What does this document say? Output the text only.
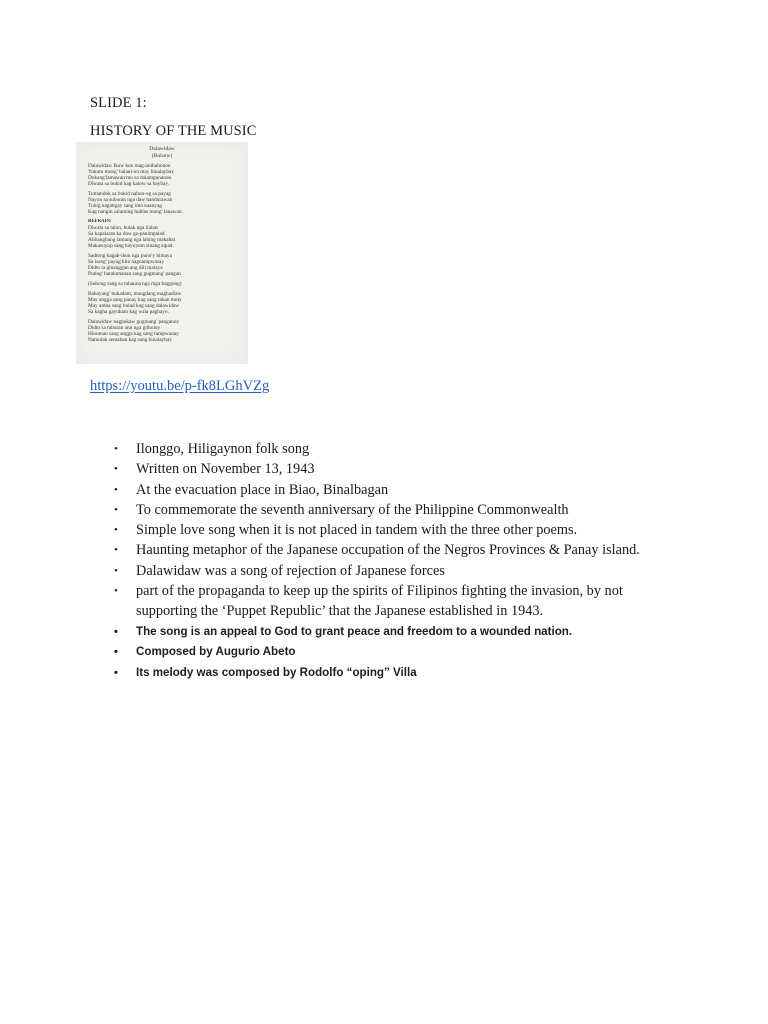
SLIDE 1:
HISTORY OF THE MUSIC
Dalawidaw
(Bulsew)
Dalawidaw Ikaw kon mag-anihuhonon
Yukum mong' balani-on may binalaybay
Dukang'lamawan mo sa dalamgunanon
Diwata sa bukid kag katow sa baybay.
Tumandok sa bukid nahon-og sa payag
Nayon sa suburan nga daw handurawan
Tuhig nagatigay sang imo kaanyag
Kag nangin salaming hublas mong' lanawan.
REFRAIN:
Diwata sa talon, bulak nga ilahas
Sa kapalaran ka daw ga-panimpalad
Alibangbang lamang nga lahing makabat
Makasuyop sang kayuyum sinang sipad.
Sadtong kagab-ihon nga puno'y himaya
Sa isang' payag kita nagnampwasay
Didto ta ginanggan ang dili malaya
Puting' handumanan sang gugmang' pangan
(Subong sang sa tuhauna nga mga baggong)
Bahayang' bukadam, maugdang maghadlaw
May angga sang panay kag sang tahan muty
May amba sang bulad kag sang dalawidaw
Sa kagha gayuham kag wala paghayo.
Dalawidaw nagpukaw gugmang' panganoy
Didto sa tuburan ann nga githuluy
Hinuman sang angga kag sang tumpwanay
Namulak sentahan kag sang binalaybay
https://youtu.be/p-fk8LGhVZg
• Ilonggo, Hiligaynon folk song
• Written on November 13, 1943
• At the evacuation place in Biao, Binalbagan
• To commemorate the seventh anniversary of the Philippine Commonwealth
• Simple love song when it is not placed in tandem with the three other poems.
• Haunting metaphor of the Japanese occupation of the Negros Provinces & Panay island.
• Dalawidaw was a song of rejection of Japanese forces
• part of the propaganda to keep up the spirits of Filipinos fighting the invasion, by not supporting the ‘Puppet Republic’ that the Japanese established in 1943.
• The song is an appeal to God to grant peace and freedom to a wounded nation.
• Composed by Augurio Abeto
• Its melody was composed by Rodolfo “oping” Villa
